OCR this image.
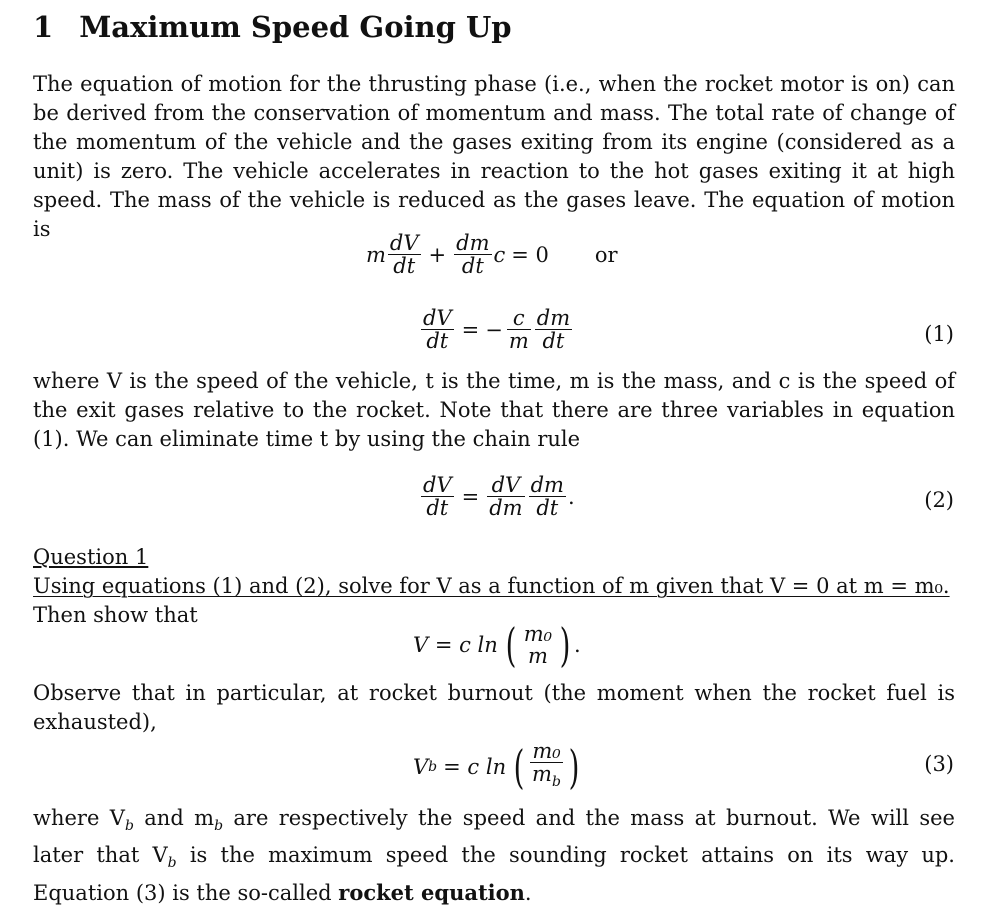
1 Maximum Speed Going Up
The equation of motion for the thrusting phase (i.e., when the rocket motor is on) can be derived from the conservation of momentum and mass. The total rate of change of the momentum of the vehicle and the gases exiting from its engine (considered as a unit) is zero. The vehicle accelerates in reaction to the hot gases exiting it at high speed. The mass of the vehicle is reduced as the gases leave. The equation of motion is
m $\frac{dV}{dt} + \frac{dm}{dt}$ c = 0 or
$\frac{dV}{dt}$ = − $\frac{c}{m} \frac{dm}{dt}$	(1)
where V is the speed of the vehicle, t is the time, m is the mass, and c is the speed of the exit gases relative to the rocket. Note that there are three variables in equation (1). We can eliminate time t by using the chain rule
$\frac{dV}{dt} = \frac{dV}{dm} \frac{dm}{dt}$ .	(2)
Question 1
Using equations (1) and (2), solve for V as a function of m given that V = 0 at m = m₀.
Then show that
V = c ln ( m₀
m ) .
Observe that in particular, at rocket burnout (the moment when the rocket fuel is exhausted),
V b = c ln ( $\frac{\text{m₀}}{m_b}$ )	(3)
where $V_b$ and $m_b$ are respectively the speed and the mass at burnout. We will see later that $V_b$ is the maximum speed the sounding rocket attains on its way up. Equation (3) is the so-called rocket equation.
